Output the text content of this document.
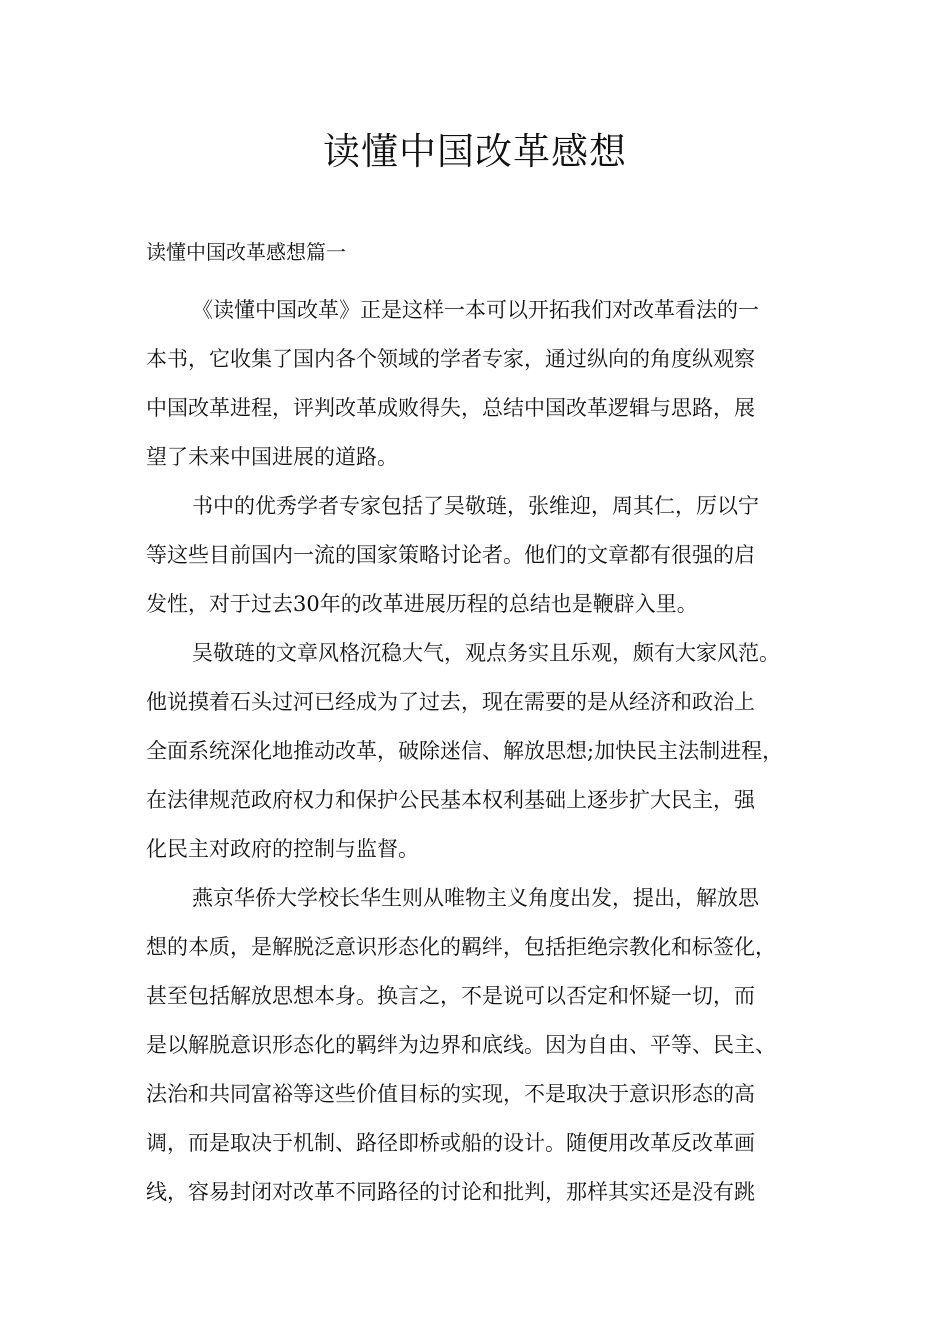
读懂中国改革感想

读懂中国改革感想篇一

《读懂中国改革》正是这样一本可以开拓我们对改革看法的一
本书，它收集了国内各个领域的学者专家，通过纵向的角度纵观察
中国改革进程，评判改革成败得失，总结中国改革逻辑与思路，展
望了未来中国进展的道路。
书中的优秀学者专家包括了吴敬琏，张维迎，周其仁，厉以宁
等这些目前国内一流的国家策略讨论者。他们的文章都有很强的启
发性，对于过去30年的改革进展历程的总结也是鞭辟入里。
吴敬琏的文章风格沉稳大气，观点务实且乐观，颇有大家风范。
他说摸着石头过河已经成为了过去，现在需要的是从经济和政治上
全面系统深化地推动改革，破除迷信、解放思想;加快民主法制进程，
在法律规范政府权力和保护公民基本权利基础上逐步扩大民主，强
化民主对政府的控制与监督。
燕京华侨大学校长华生则从唯物主义角度出发，提出，解放思
想的本质，是解脱泛意识形态化的羁绊，包括拒绝宗教化和标签化，
甚至包括解放思想本身。换言之，不是说可以否定和怀疑一切，而
是以解脱意识形态化的羁绊为边界和底线。因为自由、平等、民主、
法治和共同富裕等这些价值目标的实现，不是取决于意识形态的高
调，而是取决于机制、路径即桥或船的设计。随便用改革反改革画
线，容易封闭对改革不同路径的讨论和批判，那样其实还是没有跳
